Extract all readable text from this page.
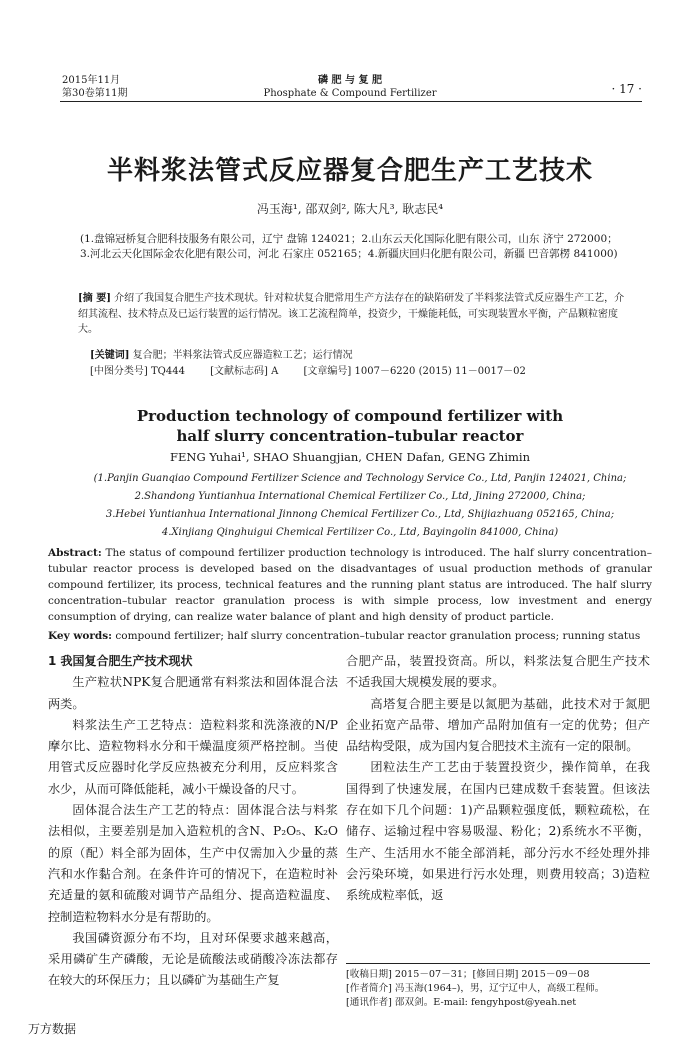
2015年11月
第30卷第11期
磷 肥 与 复 肥
Phosphate & Compound Fertilizer	· 17 ·
半料浆法管式反应器复合肥生产工艺技术
冯玉海¹, 邵双剑², 陈大凡³, 耿志民⁴
(1.盘锦冠桥复合肥科技服务有限公司，辽宁 盘锦 124021；2.山东云天化国际化肥有限公司，山东 济宁 272000；
3.河北云天化国际金农化肥有限公司，河北 石家庄 052165；4.新疆庆回归化肥有限公司，新疆 巴音郭楞 841000)
[摘 要] 介绍了我国复合肥生产技术现状。针对粒状复合肥常用生产方法存在的缺陷研发了半料浆法管式反应器生产工艺，介绍其流程、技术特点及已运行装置的运行情况。该工艺流程简单，投资少，干燥能耗低，可实现装置水平衡，产品颗粒密度大。
[关键词] 复合肥；半料浆法管式反应器造粒工艺；运行情况
[中图分类号] TQ444	[文献标志码] A	[文章编号] 1007－6220 (2015) 11－0017－02
Production technology of compound fertilizer with
half slurry concentration–tubular reactor
FENG Yuhai¹, SHAO Shuangjian, CHEN Dafan, GENG Zhimin
(1.Panjin Guanqiao Compound Fertilizer Science and Technology Service Co., Ltd, Panjin 124021, China;
2.Shandong Yuntianhua International Chemical Fertilizer Co., Ltd, Jining 272000, China;
3.Hebei Yuntianhua International Jinnong Chemical Fertilizer Co., Ltd, Shijiazhuang 052165, China;
4.Xinjiang Qinghuigui Chemical Fertilizer Co., Ltd, Bayingolin 841000, China)
Abstract: The status of compound fertilizer production technology is introduced. The half slurry concentration–tubular reactor process is developed based on the disadvantages of usual production methods of granular compound fertilizer, its process, technical features and the running plant status are introduced. The half slurry concentration–tubular reactor granulation process is with simple process, low investment and energy consumption of drying, can realize water balance of plant and high density of product particle.
Key words: compound fertilizer; half slurry concentration–tubular reactor granulation process; running status

1 我国复合肥生产技术现状

生产粒状NPK复合肥通常有料浆法和固体混合法两类。

料浆法生产工艺特点：造粒料浆和洗涤液的N/P摩尔比、造粒物料水分和干燥温度须严格控制。当使用管式反应器时化学反应热被充分利用，反应料浆含水少，从而可降低能耗，减小干燥设备的尺寸。

固体混合法生产工艺的特点：固体混合法与料浆法相似，主要差别是加入造粒机的含N、P₂O₅、K₂O的原（配）料全部为固体，生产中仅需加入少量的蒸汽和水作黏合剂。在条件许可的情况下，在造粒时补充适量的氨和硫酸对调节产品组分、提高造粒温度、控制造粒物料水分是有帮助的。

我国磷资源分布不均，且对环保要求越来越高，采用磷矿生产磷酸，无论是硫酸法或硝酸冷冻法都存在较大的环保压力；且以磷矿为基础生产复

合肥产品，装置投资高。所以，料浆法复合肥生产技术不适我国大规模发展的要求。

高塔复合肥主要是以氮肥为基础，此技术对于氮肥企业拓宽产品带、增加产品附加值有一定的优势；但产品结构受限，成为国内复合肥技术主流有一定的限制。

团粒法生产工艺由于装置投资少，操作简单，在我国得到了快速发展，在国内已建成数千套装置。但该法存在如下几个问题：1)产品颗粒强度低，颗粒疏松，在储存、运输过程中容易吸湿、粉化；2)系统水不平衡，生产、生活用水不能全部消耗，部分污水不经处理外排会污染环境，如果进行污水处理，则费用较高；3)造粒系统成粒率低，返

[收稿日期] 2015－07－31；[修回日期] 2015－09－08
[作者简介] 冯玉海(1964–)，男，辽宁辽中人，高级工程师。
[通讯作者] 邵双剑。E-mail: fengyhpost@yeah.net
万方数据
